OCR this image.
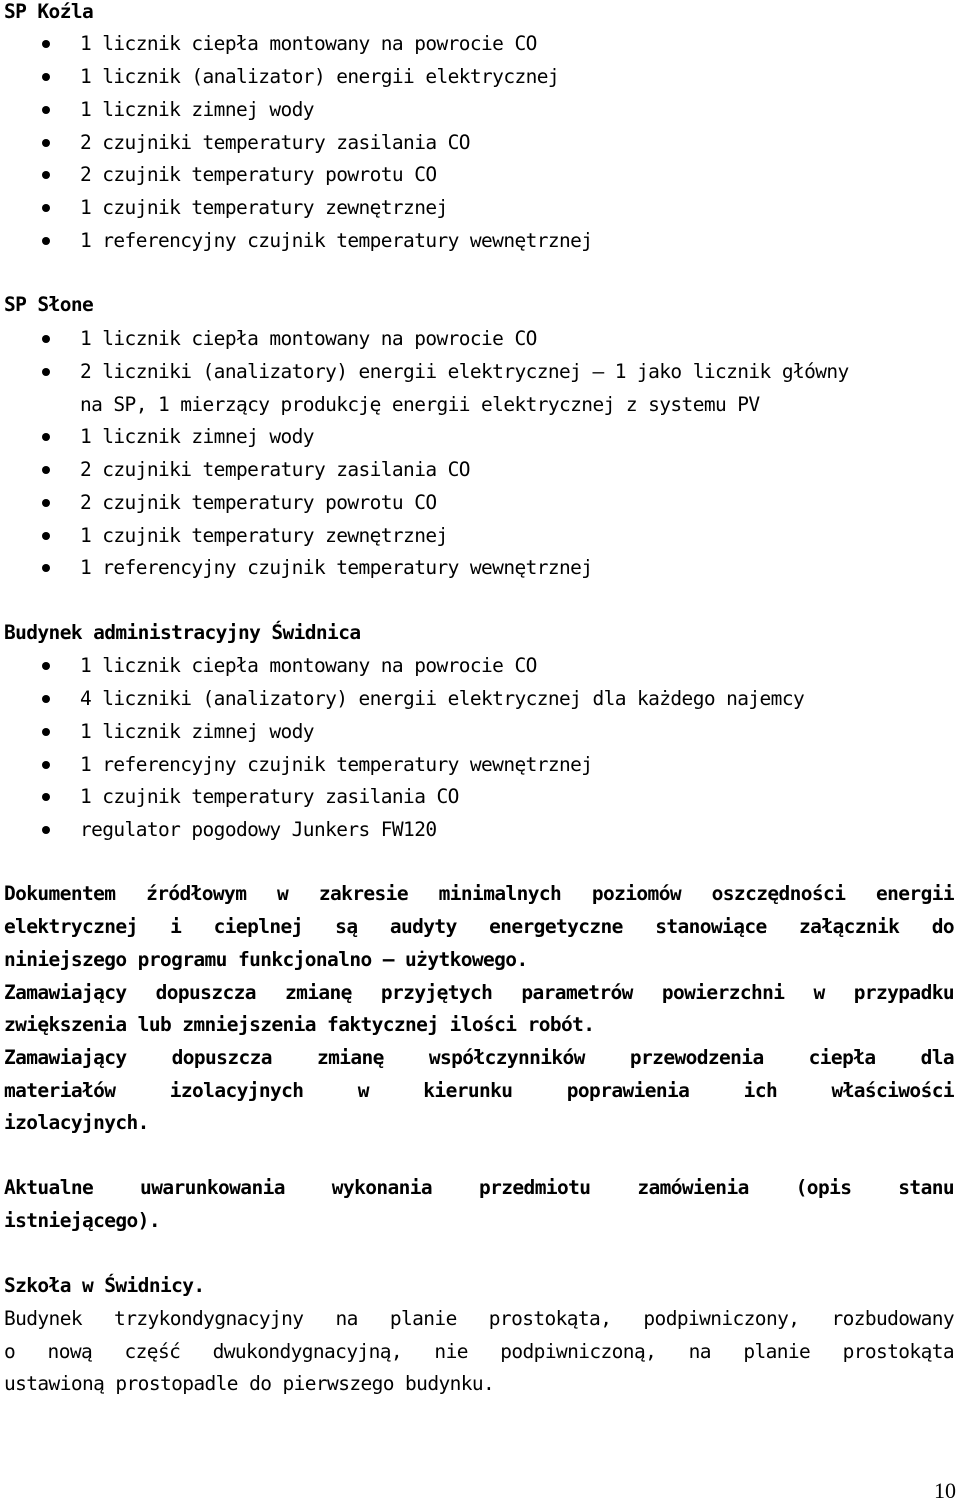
SP Koźla

1 licznik ciepła montowany na powrocie CO

1 licznik (analizator) energii elektrycznej

1 licznik zimnej wody

2 czujniki temperatury zasilania CO

2 czujnik temperatury powrotu CO

1 czujnik temperatury zewnętrznej

1 referencyjny czujnik temperatury wewnętrznej

SP Słone

1 licznik ciepła montowany na powrocie CO

2 liczniki (analizatory) energii elektrycznej – 1 jako licznik główny

na SP, 1 mierzący produkcję energii elektrycznej z systemu PV

1 licznik zimnej wody

2 czujniki temperatury zasilania CO

2 czujnik temperatury powrotu CO

1 czujnik temperatury zewnętrznej

1 referencyjny czujnik temperatury wewnętrznej

Budynek administracyjny Świdnica

1 licznik ciepła montowany na powrocie CO

4 liczniki (analizatory) energii elektrycznej dla każdego najemcy

1 licznik zimnej wody

1 referencyjny czujnik temperatury wewnętrznej

1 czujnik temperatury zasilania CO

regulator pogodowy Junkers FW120

Dokumentem źródłowym w zakresie minimalnych poziomów oszczędności energii

elektrycznej i cieplnej są audyty energetyczne stanowiące załącznik do

niniejszego programu funkcjonalno – użytkowego.

Zamawiający dopuszcza zmianę przyjętych parametrów powierzchni w przypadku

zwiększenia lub zmniejszenia faktycznej ilości robót.

Zamawiający dopuszcza zmianę współczynników przewodzenia ciepła dla

materiałów izolacyjnych w kierunku poprawienia ich właściwości

izolacyjnych.

Aktualne uwarunkowania wykonania przedmiotu zamówienia (opis stanu

istniejącego).

Szkoła w Świdnicy.

Budynek trzykondygnacyjny na planie prostokąta, podpiwniczony, rozbudowany

o nową część dwukondygnacyjną, nie podpiwniczoną, na planie prostokąta

ustawioną prostopadle do pierwszego budynku.

10
